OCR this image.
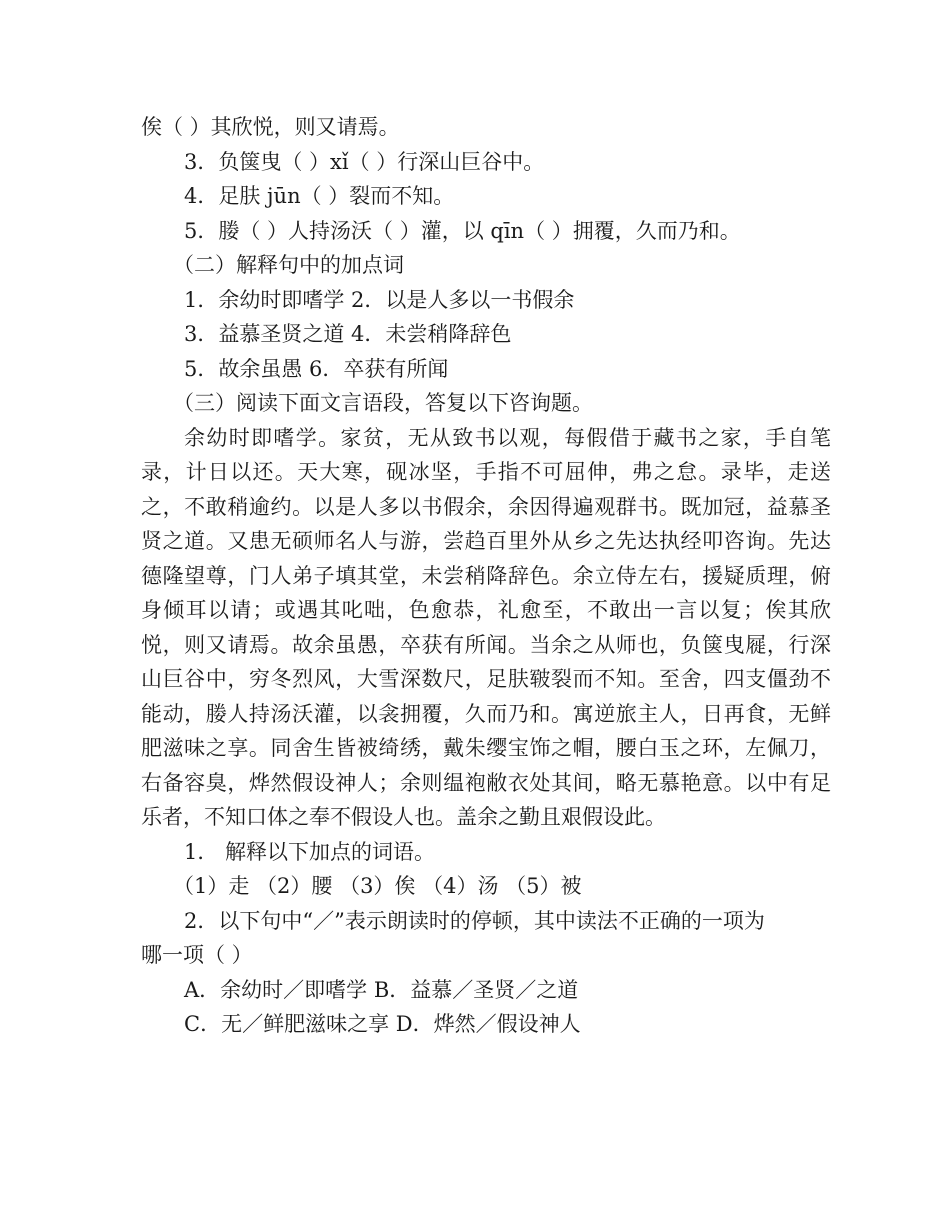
俟（ ）其欣悦，则又请焉。
3．负箧曳（ ）xǐ（ ）行深山巨谷中。
4．足肤 jūn（ ）裂而不知。
5．媵（ ）人持汤沃（ ）灌，以 qīn（ ）拥覆，久而乃和。
（二）解释句中的加点词
1．余幼时即嗜学 2．以是人多以一书假余
3．益慕圣贤之道 4．未尝稍降辞色
5．故余虽愚 6．卒获有所闻
（三）阅读下面文言语段，答复以下咨询题。

余幼时即嗜学。家贫，无从致书以观，每假借于藏书之家，手自笔录，计日以还。天大寒，砚冰坚，手指不可屈伸，弗之怠。录毕，走送之，不敢稍逾约。以是人多以书假余，余因得遍观群书。既加冠，益慕圣贤之道。又患无硕师名人与游，尝趋百里外从乡之先达执经叩咨询。先达德隆望尊，门人弟子填其堂，未尝稍降辞色。余立侍左右，援疑质理，俯身倾耳以请；或遇其叱咄，色愈恭，礼愈至，不敢出一言以复；俟其欣悦，则又请焉。故余虽愚，卒获有所闻。当余之从师也，负箧曳屣，行深山巨谷中，穷冬烈风，大雪深数尺，足肤皲裂而不知。至舍，四支僵劲不能动，媵人持汤沃灌，以衾拥覆，久而乃和。寓逆旅主人，日再食，无鲜肥滋味之享。同舍生皆被绮绣，戴朱缨宝饰之帽，腰白玉之环，左佩刀，右备容臭，烨然假设神人；余则缊袍敝衣处其间，略无慕艳意。以中有足乐者，不知口体之奉不假设人也。盖余之勤且艰假设此。

1． 解释以下加点的词语。
（1）走 （2）腰 （3）俟 （4）汤 （5）被
2．以下句中“／”表示朗读时的停顿，其中读法不正确的一项为
哪一项（ ）
A．余幼时／即嗜学 B．益慕／圣贤／之道
C．无／鲜肥滋味之享 D．烨然／假设神人
